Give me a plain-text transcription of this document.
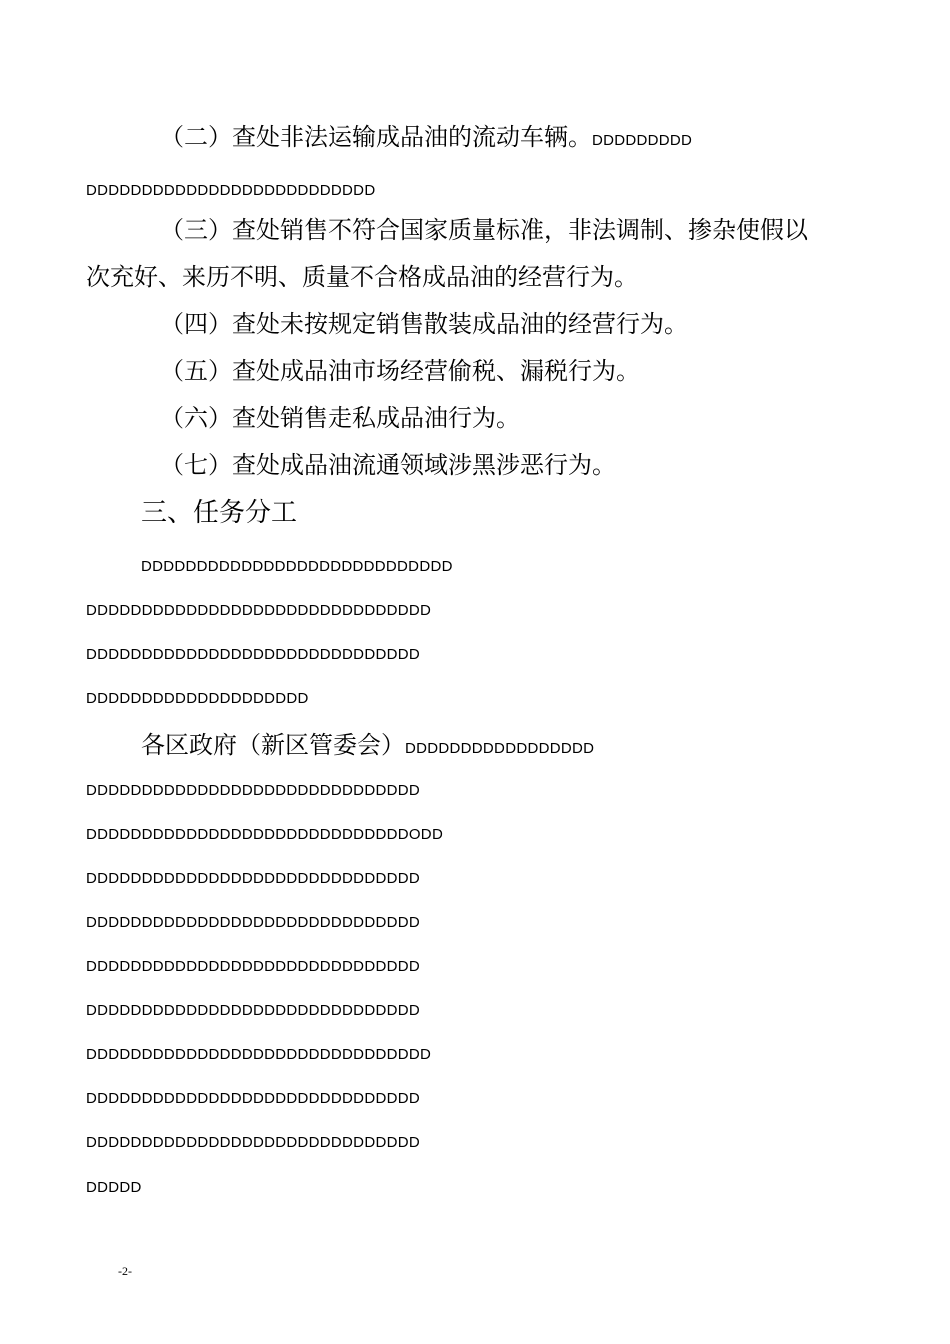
（二）查处非法运输成品油的流动车辆。DDDDDDDDD
DDDDDDDDDDDDDDDDDDDDDDDDDD
（三）查处销售不符合国家质量标准，非法调制、掺杂使假以
次充好、来历不明、质量不合格成品油的经营行为。
（四）查处未按规定销售散装成品油的经营行为。
（五）查处成品油市场经营偷税、漏税行为。
（六）查处销售走私成品油行为。
（七）查处成品油流通领域涉黑涉恶行为。
三、任务分工
DDDDDDDDDDDDDDDDDDDDDDDDDDDD
DDDDDDDDDDDDDDDDDDDDDDDDDDDDDDD
DDDDDDDDDDDDDDDDDDDDDDDDDDDDDD
DDDDDDDDDDDDDDDDDDDD
各区政府（新区管委会）DDDDDDDDDDDDDDDDD
DDDDDDDDDDDDDDDDDDDDDDDDDDDDDD
DDDDDDDDDDDDDDDDDDDDDDDDDDDDDODD
DDDDDDDDDDDDDDDDDDDDDDDDDDDDDD
DDDDDDDDDDDDDDDDDDDDDDDDDDDDDD
DDDDDDDDDDDDDDDDDDDDDDDDDDDDDD
DDDDDDDDDDDDDDDDDDDDDDDDDDDDDD
DDDDDDDDDDDDDDDDDDDDDDDDDDDDDDD
DDDDDDDDDDDDDDDDDDDDDDDDDDDDDD
DDDDDDDDDDDDDDDDDDDDDDDDDDDDDD
DDDDD
-2-
